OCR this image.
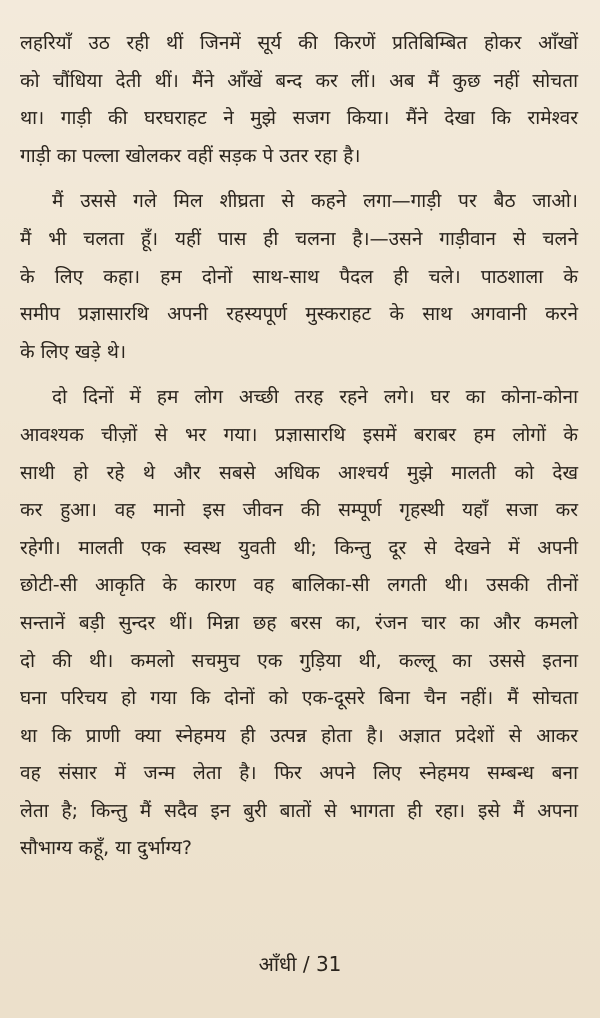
लहरियाँ उठ रही थीं जिनमें सूर्य की किरणें प्रतिबिम्बित होकर आँखों
को चौंधिया देती थीं। मैंने आँखें बन्द कर लीं। अब मैं कुछ नहीं सोचता
था। गाड़ी की घरघराहट ने मुझे सजग किया। मैंने देखा कि रामेश्वर
गाड़ी का पल्ला खोलकर वहीं सड़क पे उतर रहा है।
मैं उससे गले मिल शीघ्रता से कहने लगा—गाड़ी पर बैठ जाओ।
मैं भी चलता हूँ। यहीं पास ही चलना है।—उसने गाड़ीवान से चलने
के लिए कहा। हम दोनों साथ-साथ पैदल ही चले। पाठशाला के
समीप प्रज्ञासारथि अपनी रहस्यपूर्ण मुस्कराहट के साथ अगवानी करने
के लिए खड़े थे।
दो दिनों में हम लोग अच्छी तरह रहने लगे। घर का कोना-कोना
आवश्यक चीज़ों से भर गया। प्रज्ञासारथि इसमें बराबर हम लोगों के
साथी हो रहे थे और सबसे अधिक आश्चर्य मुझे मालती को देख
कर हुआ। वह मानो इस जीवन की सम्पूर्ण गृहस्थी यहाँ सजा कर
रहेगी। मालती एक स्वस्थ युवती थी; किन्तु दूर से देखने में अपनी
छोटी-सी आकृति के कारण वह बालिका-सी लगती थी। उसकी तीनों
सन्तानें बड़ी सुन्दर थीं। मिन्ना छह बरस का, रंजन चार का और कमलो
दो की थी। कमलो सचमुच एक गुड़िया थी, कल्लू का उससे इतना
घना परिचय हो गया कि दोनों को एक-दूसरे बिना चैन नहीं। मैं सोचता
था कि प्राणी क्या स्नेहमय ही उत्पन्न होता है। अज्ञात प्रदेशों से आकर
वह संसार में जन्म लेता है। फिर अपने लिए स्नेहमय सम्बन्ध बना
लेता है; किन्तु मैं सदैव इन बुरी बातों से भागता ही रहा। इसे मैं अपना
सौभाग्य कहूँ, या दुर्भाग्य?
आँधी / 31
